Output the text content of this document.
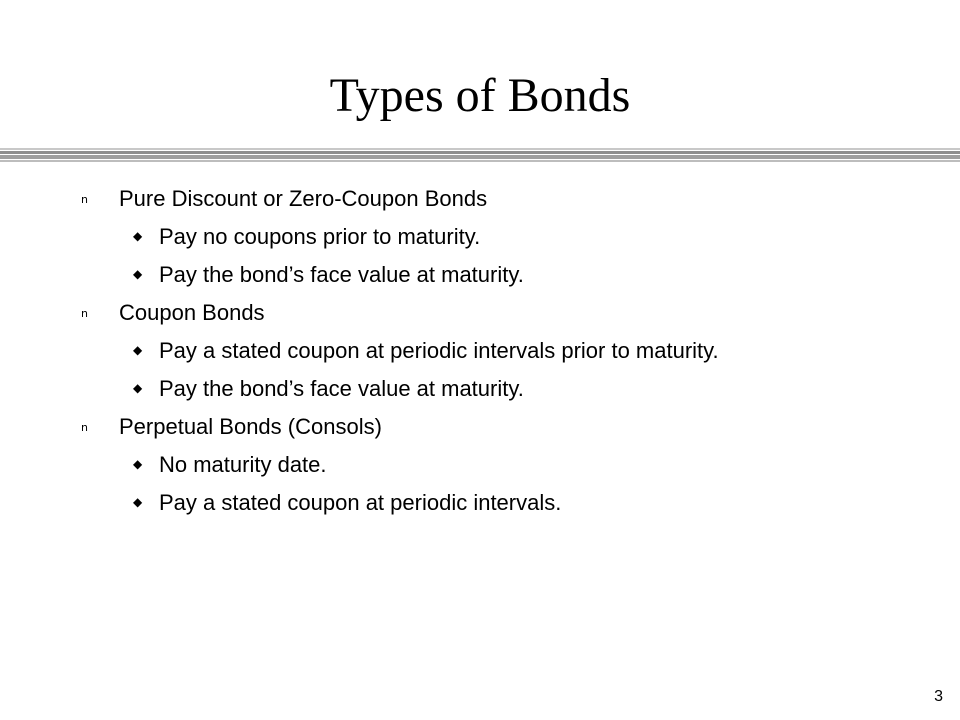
Types of Bonds
n Pure Discount or Zero-Coupon Bonds
◆ Pay no coupons prior to maturity.
◆ Pay the bond’s face value at maturity.
n Coupon Bonds
◆ Pay a stated coupon at periodic intervals prior to maturity.
◆ Pay the bond’s face value at maturity.
n Perpetual Bonds (Consols)
◆ No maturity date.
◆ Pay a stated coupon at periodic intervals.
3
